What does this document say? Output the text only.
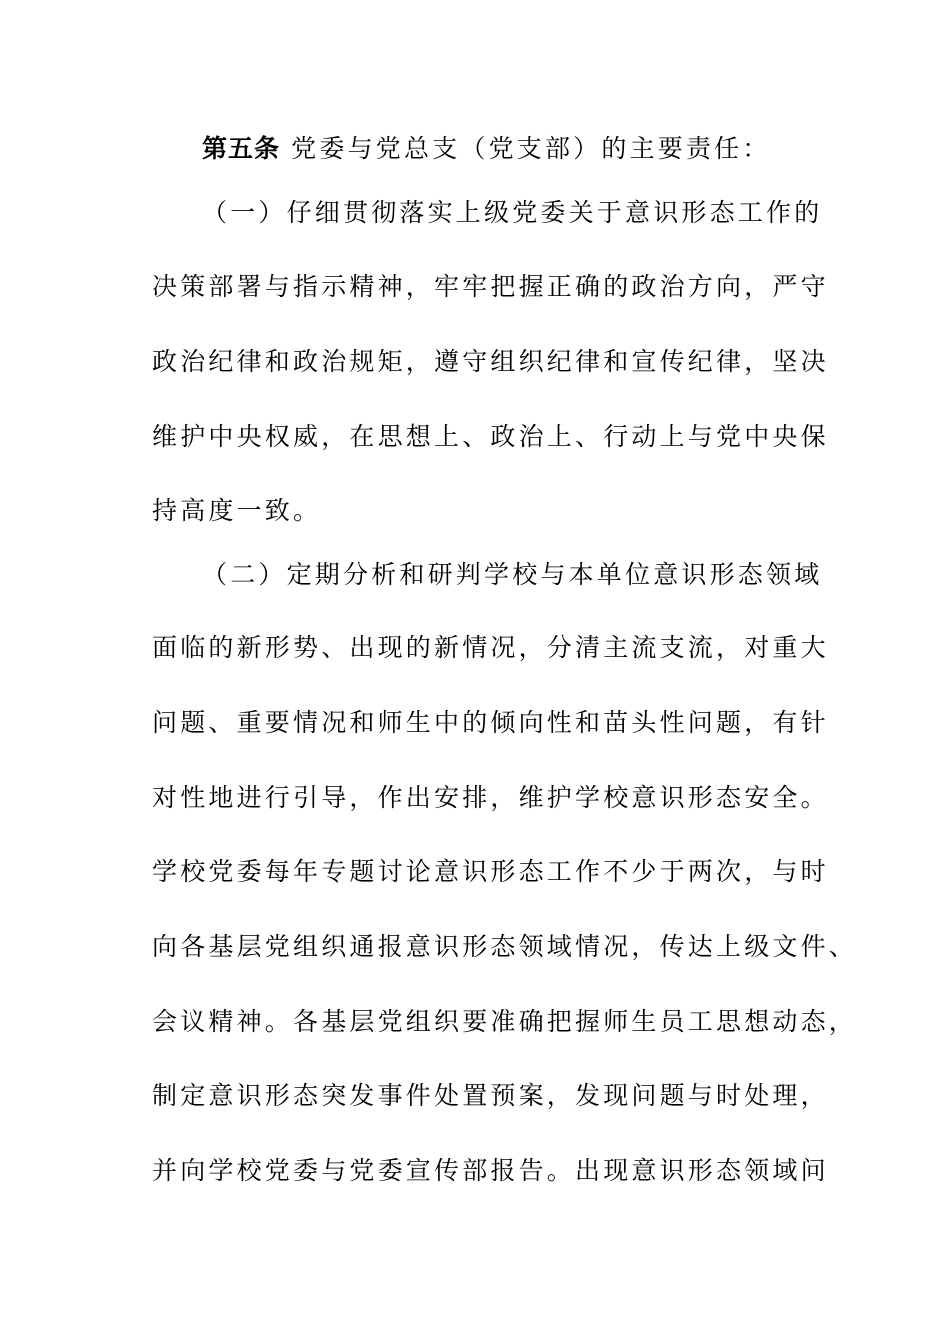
第五条 党委与党总支（党支部）的主要责任：
（一）仔细贯彻落实上级党委关于意识形态工作的
决策部署与指示精神，牢牢把握正确的政治方向，严守
政治纪律和政治规矩，遵守组织纪律和宣传纪律，坚决
维护中央权威，在思想上、政治上、行动上与党中央保
持高度一致。
（二）定期分析和研判学校与本单位意识形态领域
面临的新形势、出现的新情况，分清主流支流，对重大
问题、重要情况和师生中的倾向性和苗头性问题，有针
对性地进行引导，作出安排，维护学校意识形态安全。
学校党委每年专题讨论意识形态工作不少于两次，与时
向各基层党组织通报意识形态领域情况，传达上级文件、
会议精神。各基层党组织要准确把握师生员工思想动态，
制定意识形态突发事件处置预案，发现问题与时处理，
并向学校党委与党委宣传部报告。出现意识形态领域问
